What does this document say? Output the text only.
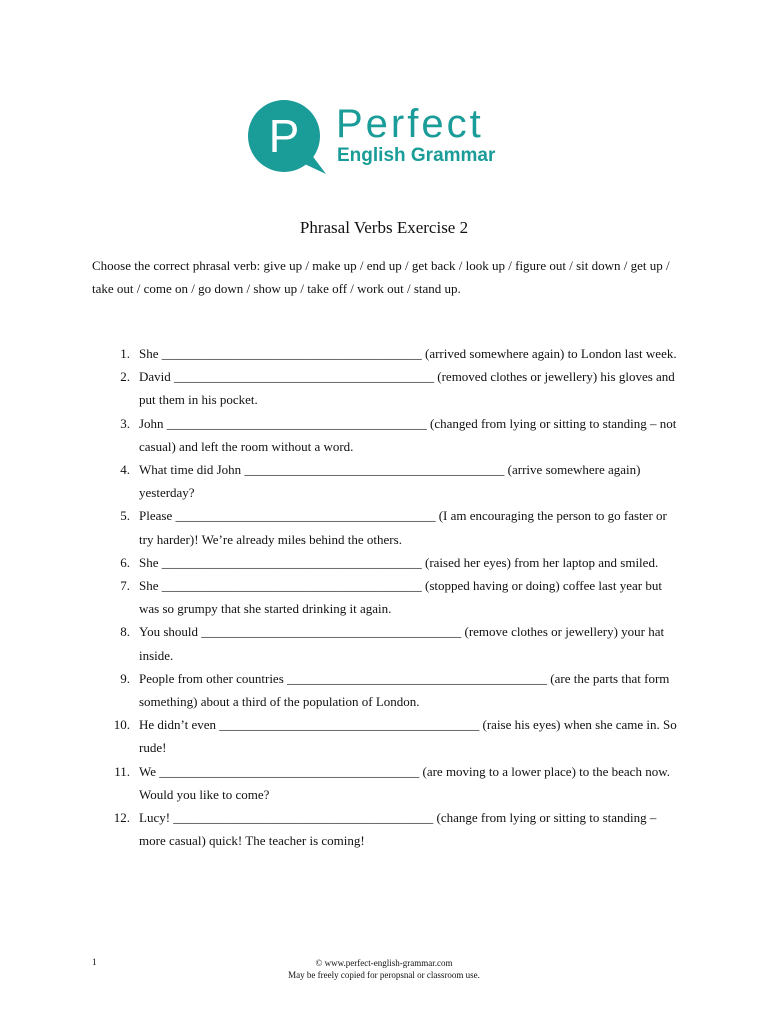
P Perfect
English Grammar
Phrasal Verbs Exercise 2
Choose the correct phrasal verb: give up / make up / end up / get back / look up / figure out / sit down / get up / take out / come on / go down / show up / take off / work out / stand up.
1. She ________________________________________ (arrived somewhere again) to London last week.
2. David ________________________________________ (removed clothes or jewellery) his gloves and put them in his pocket.
3. John ________________________________________ (changed from lying or sitting to standing – not casual) and left the room without a word.
4. What time did John ________________________________________ (arrive somewhere again) yesterday?
5. Please ________________________________________ (I am encouraging the person to go faster or try harder)! We’re already miles behind the others.
6. She ________________________________________ (raised her eyes) from her laptop and smiled.
7. She ________________________________________ (stopped having or doing) coffee last year but was so grumpy that she started drinking it again.
8. You should ________________________________________ (remove clothes or jewellery) your hat inside.
9. People from other countries ________________________________________ (are the parts that form something) about a third of the population of London.
10. He didn’t even ________________________________________ (raise his eyes) when she came in. So rude!
11. We ________________________________________ (are moving to a lower place) to the beach now. Would you like to come?
12. Lucy! ________________________________________ (change from lying or sitting to standing – more casual) quick! The teacher is coming!
1	© www.perfect-english-grammar.com
May be freely copied for peropsnal or classroom use.
